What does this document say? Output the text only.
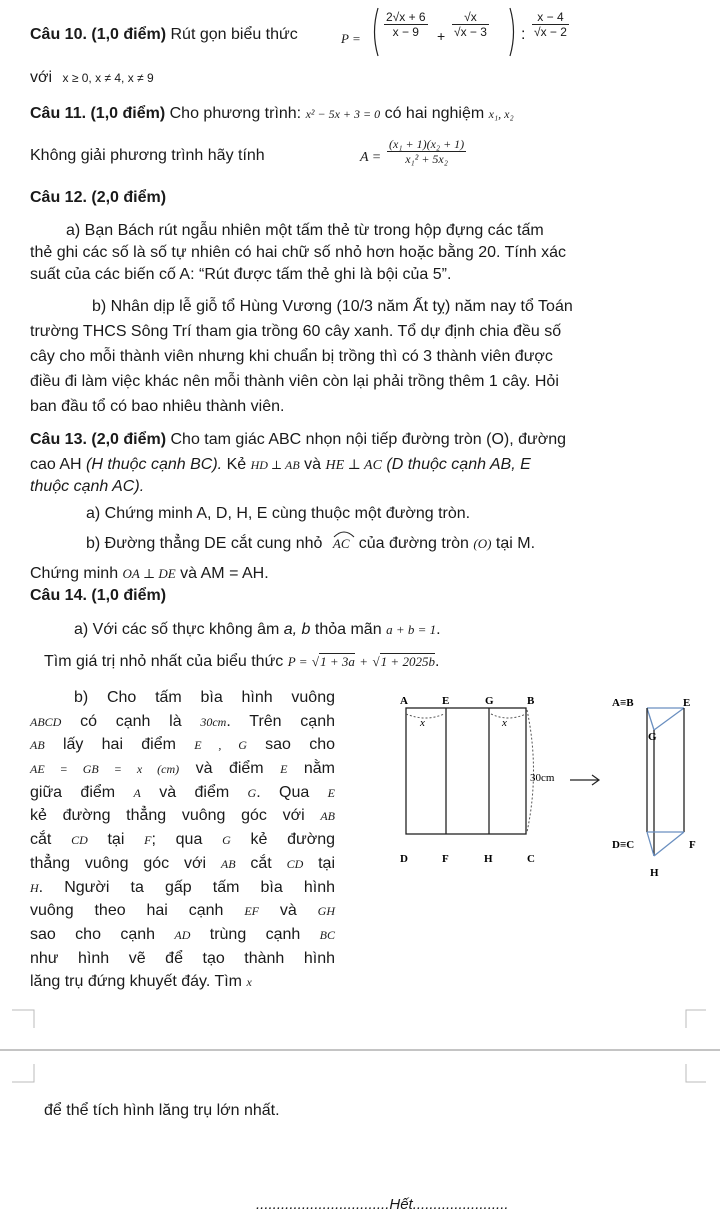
Câu 10. (1,0 điểm) Rút gọn biểu thức	$P = \frac{2√x + 6}{x - 9} + \frac{√x}{√x - 3}$ : $\frac{x - 4}{√x - 2}$
với x ≥ 0, x ≠ 4, x ≠ 9
Câu 11. (1,0 điểm) Cho phương trình: x² − 5x + 3 = 0 có hai nghiệm x₁, x₂
Không giải phương trình hãy tính	$A = \frac{\text{(x₁ + 1)(x₂ + 1)}}{\text{x₁² + 5x₂}}$
Câu 12. (2,0 điểm)
a) Bạn Bách rút ngẫu nhiên một tấm thẻ từ trong hộp đựng các tấm
thẻ ghi các số là số tự nhiên có hai chữ số nhỏ hơn hoặc bằng 20. Tính xác
suất của các biến cố A: “Rút được tấm thẻ ghi là bội của 5”.
b) Nhân dịp lễ giỗ tổ Hùng Vương (10/3 năm Ất tỵ) năm nay tổ Toán
trường THCS Sông Trí tham gia trồng 60 cây xanh. Tổ dự định chia đều số
cây cho mỗi thành viên nhưng khi chuẩn bị trồng thì có 3 thành viên được
điều đi làm việc khác nên mỗi thành viên còn lại phải trồng thêm 1 cây. Hỏi
ban đầu tổ có bao nhiêu thành viên.
Câu 13. (2,0 điểm) Cho tam giác ABC nhọn nội tiếp đường tròn (O), đường
cao AH (H thuộc cạnh BC). Kẻ HD ⊥ AB và HE ⊥ AC (D thuộc cạnh AB, E
thuộc cạnh AC).
a) Chứng minh A, D, H, E cùng thuộc một đường tròn.
b) Đường thẳng DE cắt cung nhỏ AC của đường tròn (O) tại M.
Chứng minh OA ⊥ DE và AM = AH.
Câu 14. (1,0 điểm)
a) Với các số thực không âm a, b thỏa mãn a + b = 1.
Tìm giá trị nhỏ nhất của biểu thức P = √1 + 3a + √1 + 2025b.
b) Cho tấm bìa hình vuông
ABCD có cạnh là 30cm. Trên cạnh
AB lấy hai điểm E , G sao cho
AE = GB = x (cm) và điểm E nằm
giữa điểm A và điểm G. Qua E
kẻ đường thẳng vuông góc với AB
cắt CD tại F; qua G kẻ đường
thẳng vuông góc với AB cắt CD tại
H. Người ta gấp tấm bìa hình
vuông theo hai cạnh EF và GH
sao cho cạnh AD trùng cạnh BC
như hình vẽ để tạo thành hình
lăng trụ đứng khuyết đáy. Tìm x
A	E	G	B
x	x
30cm
D	F	H	C
A≡B	E
G
D≡C	F
H
để thể tích hình lăng trụ lớn nhất.
................................Hết.......................
